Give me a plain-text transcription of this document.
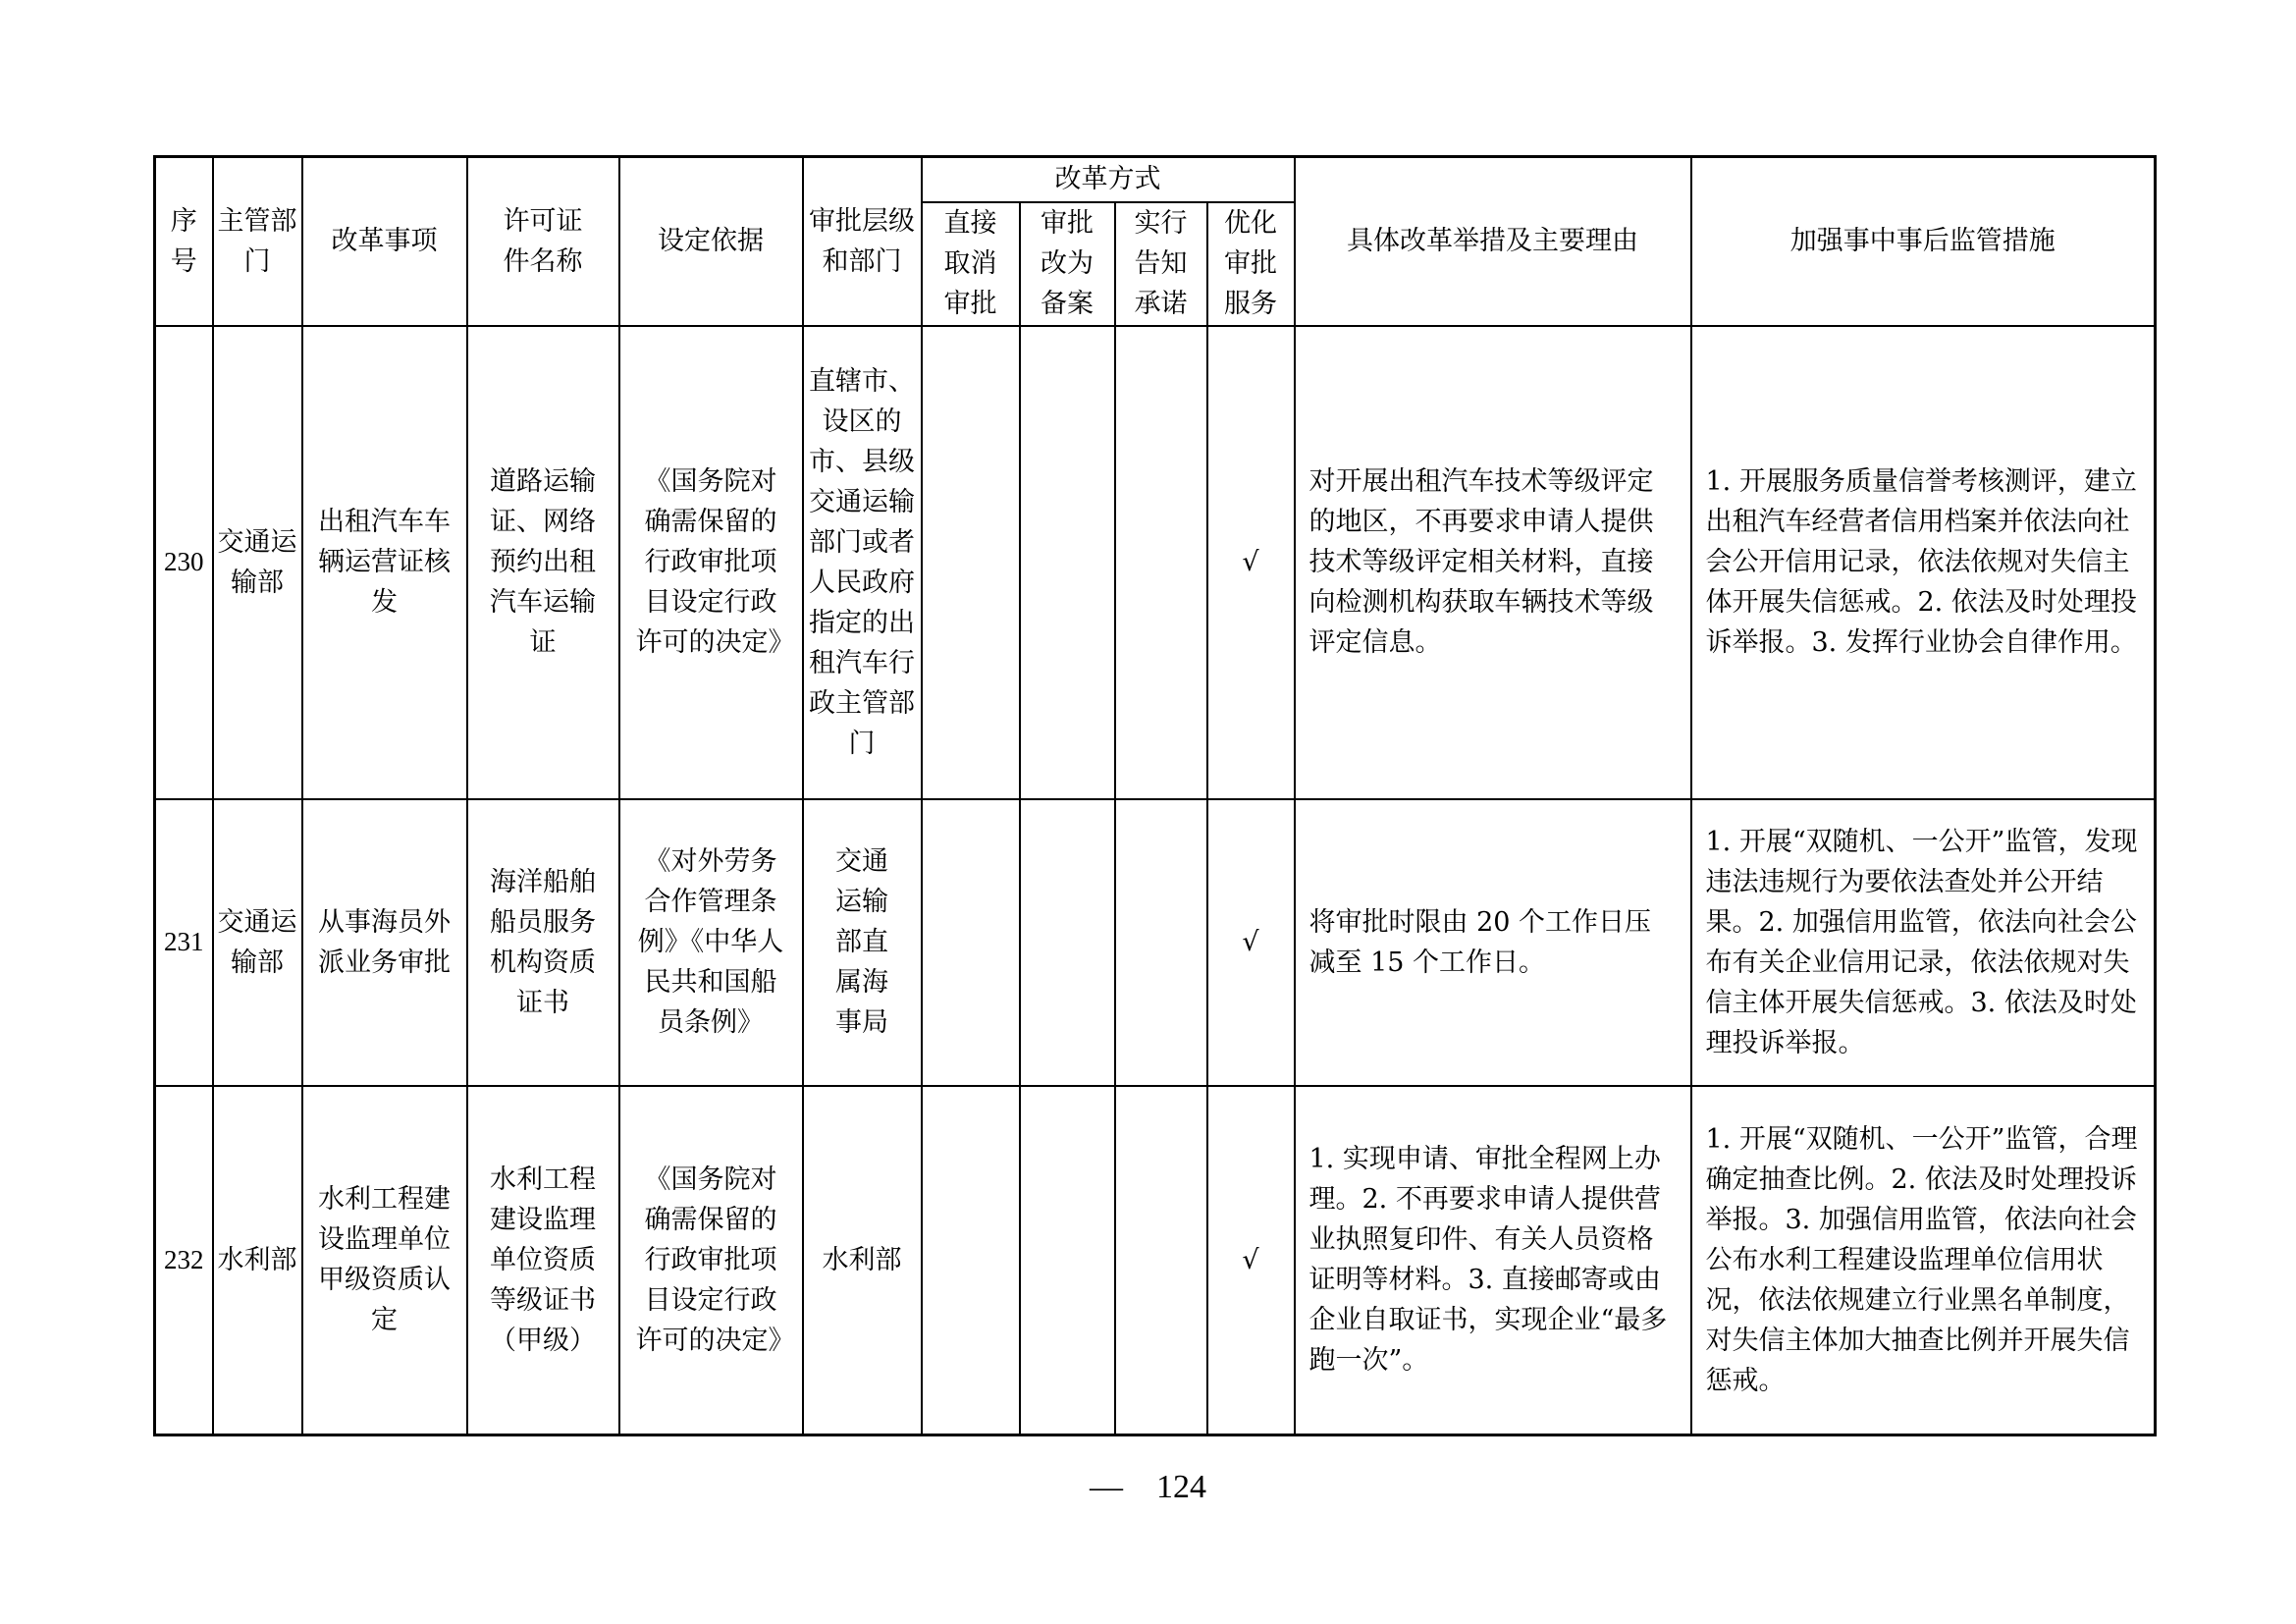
序号	主管部门	改革事项	许可证件名称	设定依据	审批层级和部门	改革方式				具体改革举措及主要理由	加强事中事后监管措施
						直接取消审批	审批改为备案	实行告知承诺	优化审批服务		
230	交通运输部	出租汽车车辆运营证核发	道路运输证、网络预约出租汽车运输证	《国务院对确需保留的行政审批项目设定行政许可的决定》	直辖市、设区的市、县级交通运输部门或者人民政府指定的出租汽车行政主管部门				√	对开展出租汽车技术等级评定的地区，不再要求申请人提供技术等级评定相关材料，直接向检测机构获取车辆技术等级评定信息。	1. 开展服务质量信誉考核测评，建立出租汽车经营者信用档案并依法向社会公开信用记录，依法依规对失信主体开展失信惩戒。2. 依法及时处理投诉举报。3. 发挥行业协会自律作用。
231	交通运输部	从事海员外派业务审批	海洋船舶船员服务机构资质证书	《对外劳务合作管理条例》《中华人民共和国船员条例》	交通运输部直属海事局				√	将审批时限由 20 个工作日压减至 15 个工作日。	1. 开展“双随机、一公开”监管，发现违法违规行为要依法查处并公开结果。2. 加强信用监管，依法向社会公布有关企业信用记录，依法依规对失信主体开展失信惩戒。3. 依法及时处理投诉举报。
232	水利部	水利工程建设监理单位甲级资质认定	水利工程建设监理单位资质等级证书（甲级）	《国务院对确需保留的行政审批项目设定行政许可的决定》	水利部				√	1. 实现申请、审批全程网上办理。2. 不再要求申请人提供营业执照复印件、有关人员资格证明等材料。3. 直接邮寄或由企业自取证书，实现企业“最多跑一次”。	1. 开展“双随机、一公开”监管，合理确定抽查比例。2. 依法及时处理投诉举报。3. 加强信用监管，依法向社会公布水利工程建设监理单位信用状况，依法依规建立行业黑名单制度，对失信主体加大抽查比例并开展失信惩戒。
— 124
